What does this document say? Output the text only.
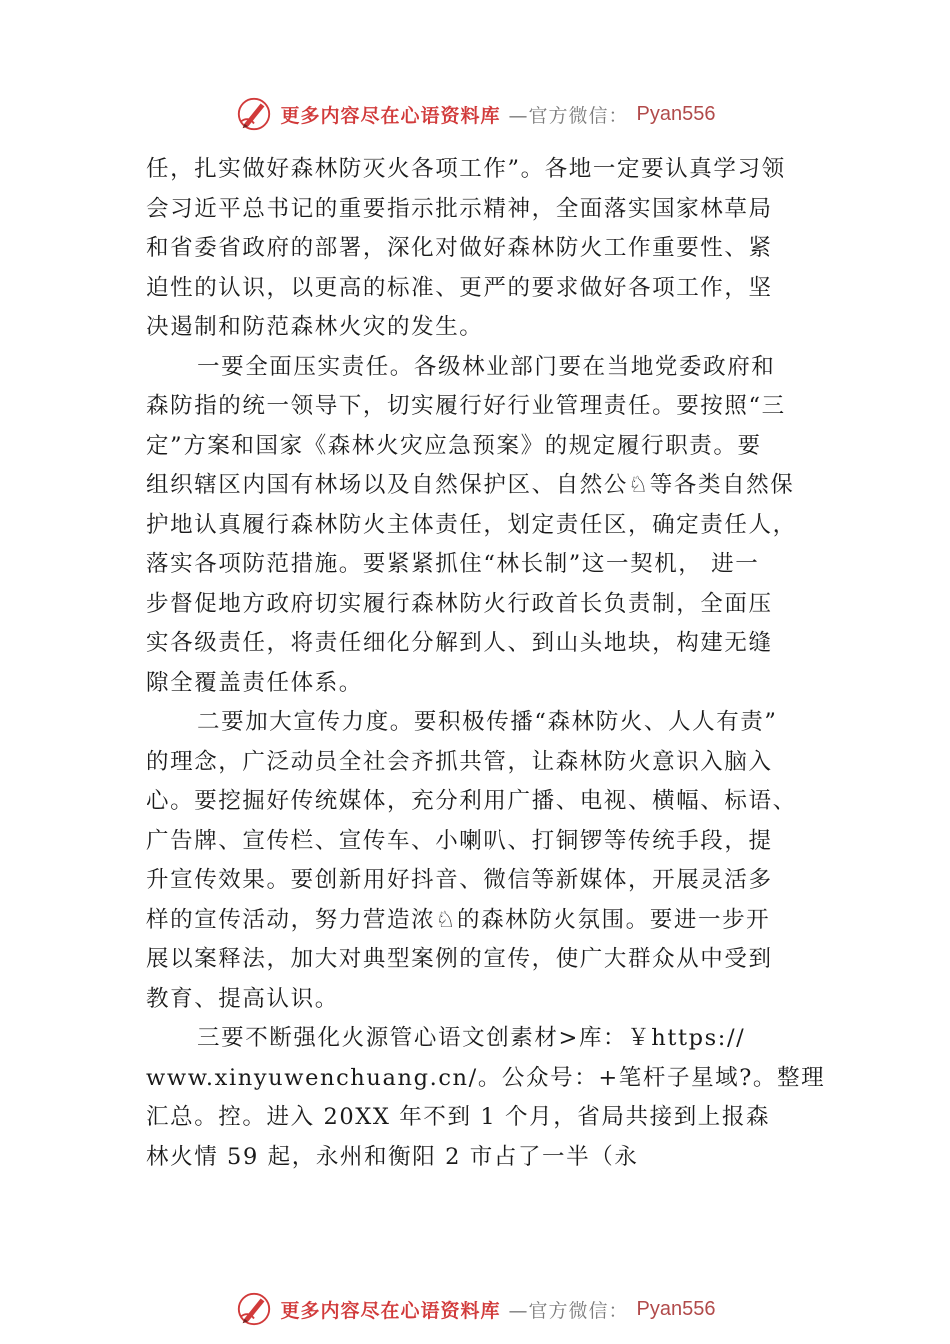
更多内容尽在心语资料库 —官方微信： Pyan556
任，扎实做好森林防灭火各项工作”。各地一定要认真学习领
会习近平总书记的重要指示批示精神，全面落实国家林草局
和省委省政府的部署，深化对做好森林防火工作重要性、紧
迫性的认识，以更高的标准、更严的要求做好各项工作，坚
决遏制和防范森林火灾的发生。
一要全面压实责任。各级林业部门要在当地党委政府和
森防指的统一领导下，切实履行好行业管理责任。要按照“三
定”方案和国家《森林火灾应急预案》的规定履行职责。要
组织辖区内国有林场以及自然保护区、自然公♘等各类自然保
护地认真履行森林防火主体责任，划定责任区，确定责任人，
落实各项防范措施。要紧紧抓住“林长制”这一契机， 进一
步督促地方政府切实履行森林防火行政首长负责制，全面压
实各级责任，将责任细化分解到人、到山头地块，构建无缝
隙全覆盖责任体系。
二要加大宣传力度。要积极传播“森林防火、人人有责”
的理念，广泛动员全社会齐抓共管，让森林防火意识入脑入
心。要挖掘好传统媒体，充分利用广播、电视、横幅、标语、
广告牌、宣传栏、宣传车、小喇叭、打铜锣等传统手段，提
升宣传效果。要创新用好抖音、微信等新媒体，开展灵活多
样的宣传活动，努力营造浓♘的森林防火氛围。要进一步开
展以案释法，加大对典型案例的宣传，使广大群众从中受到
教育、提高认识。
三要不断强化火源管心语文创素材>库：￥https://
www.xinyuwenchuang.cn/。公众号：+笔杆子星域?。整理
汇总。控。进入 20XX 年不到 1 个月，省局共接到上报森
林火情 59 起，永州和衡阳 2 市占了一半（永
更多内容尽在心语资料库 —官方微信： Pyan556
